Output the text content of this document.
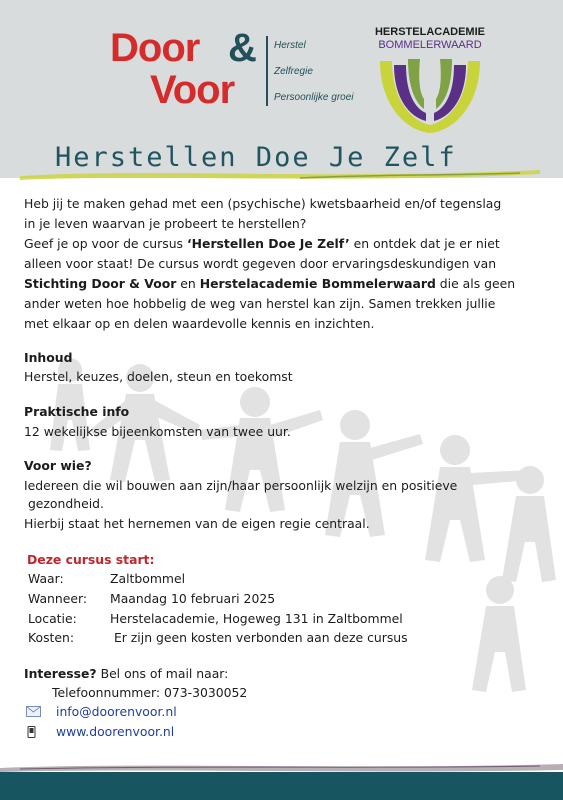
Door &
Voor
Herstel
Zelfregie
Persoonlijke groei
HERSTELACADEMIE
BOMMELERWAARD
Herstellen Doe Je Zelf
Heb jij te maken gehad met een (psychische) kwetsbaarheid en/of tegenslag
in je leven waarvan je probeert te herstellen?
Geef je op voor de cursus ‘Herstellen Doe Je Zelf’ en ontdek dat je er niet
alleen voor staat! De cursus wordt gegeven door ervaringsdeskundigen van
Stichting Door & Voor en Herstelacademie Bommelerwaard die als geen
ander weten hoe hobbelig de weg van herstel kan zijn. Samen trekken jullie
met elkaar op en delen waardevolle kennis en inzichten.
Inhoud
Herstel, keuzes, doelen, steun en toekomst
Praktische info
12 wekelijkse bijeenkomsten van twee uur.
Voor wie?
Iedereen die wil bouwen aan zijn/haar persoonlijk welzijn en positieve
gezondheid.
Hierbij staat het hernemen van de eigen regie centraal.
Deze cursus start:
Waar:	Zaltbommel
Wanneer: Maandag 10 februari 2025
Locatie:	Herstelacademie, Hogeweg 131 in Zaltbommel
Kosten:	Er zijn geen kosten verbonden aan deze cursus
Interesse? Bel ons of mail naar:
Telefoonnummer: 073-3030052
info@doorenvoor.nl
www.doorenvoor.nl
